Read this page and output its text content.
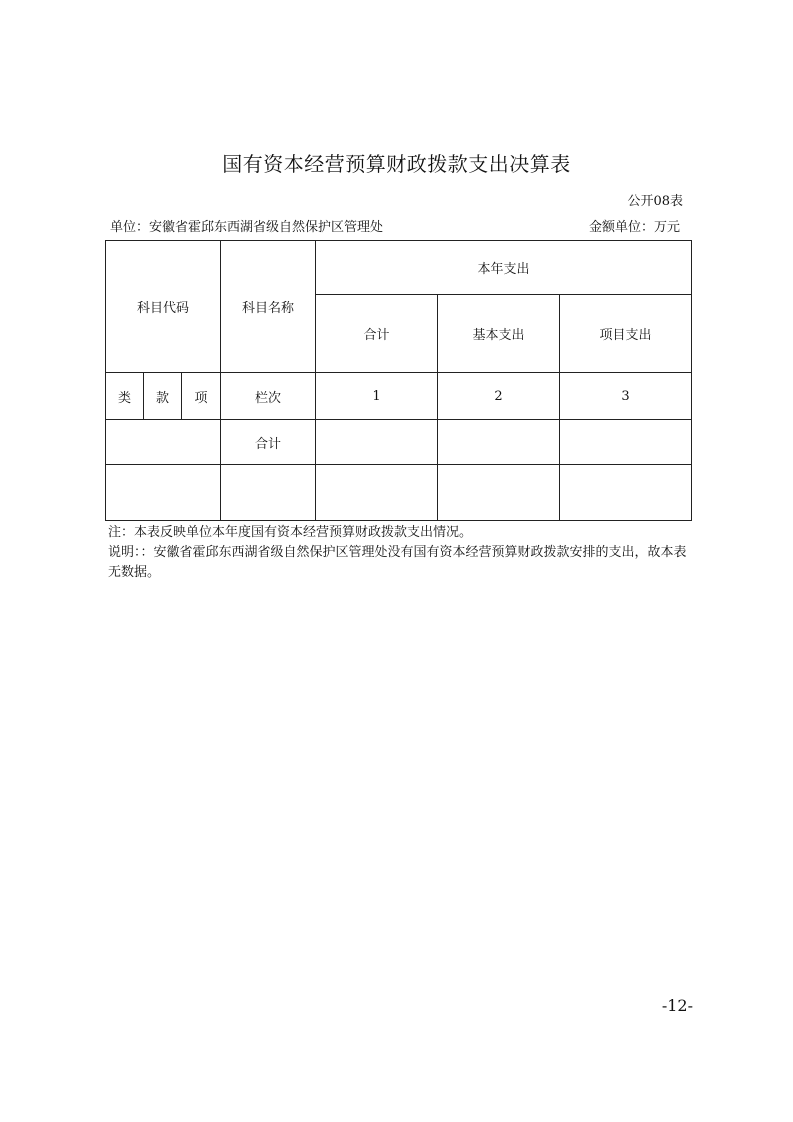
国有资本经营预算财政拨款支出决算表
公开08表
单位：安徽省霍邱东西湖省级自然保护区管理处	金额单位：万元
科目代码			科目名称	本年支出		
				合计	基本支出	项目支出
类	款	项	栏次	1	2	3
			合计			

注：本表反映单位本年度国有资本经营预算财政拨款支出情况。

说明：：安徽省霍邱东西湖省级自然保护区管理处没有国有资本经营预算财政拨款安排的支出，故本表无数据。

-12-
